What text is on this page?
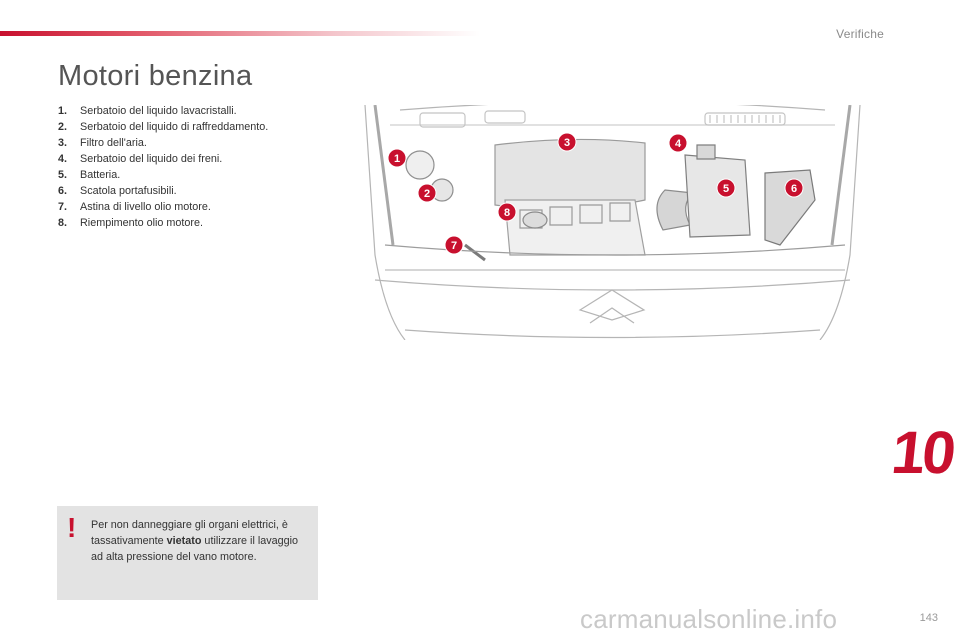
Verifiche
Motori benzina
1. Serbatoio del liquido lavacristalli.
2. Serbatoio del liquido di raffreddamento.
3. Filtro dell'aria.
4. Serbatoio del liquido dei freni.
5. Batteria.
6. Scatola portafusibili.
7. Astina di livello olio motore.
8. Riempimento olio motore.
1
2
3	4
5	6
7
8
10
! Per non danneggiare gli organi elettrici, è tassativamente vietato utilizzare il lavaggio ad alta pressione del vano motore.
carmanualsonline.info	143
